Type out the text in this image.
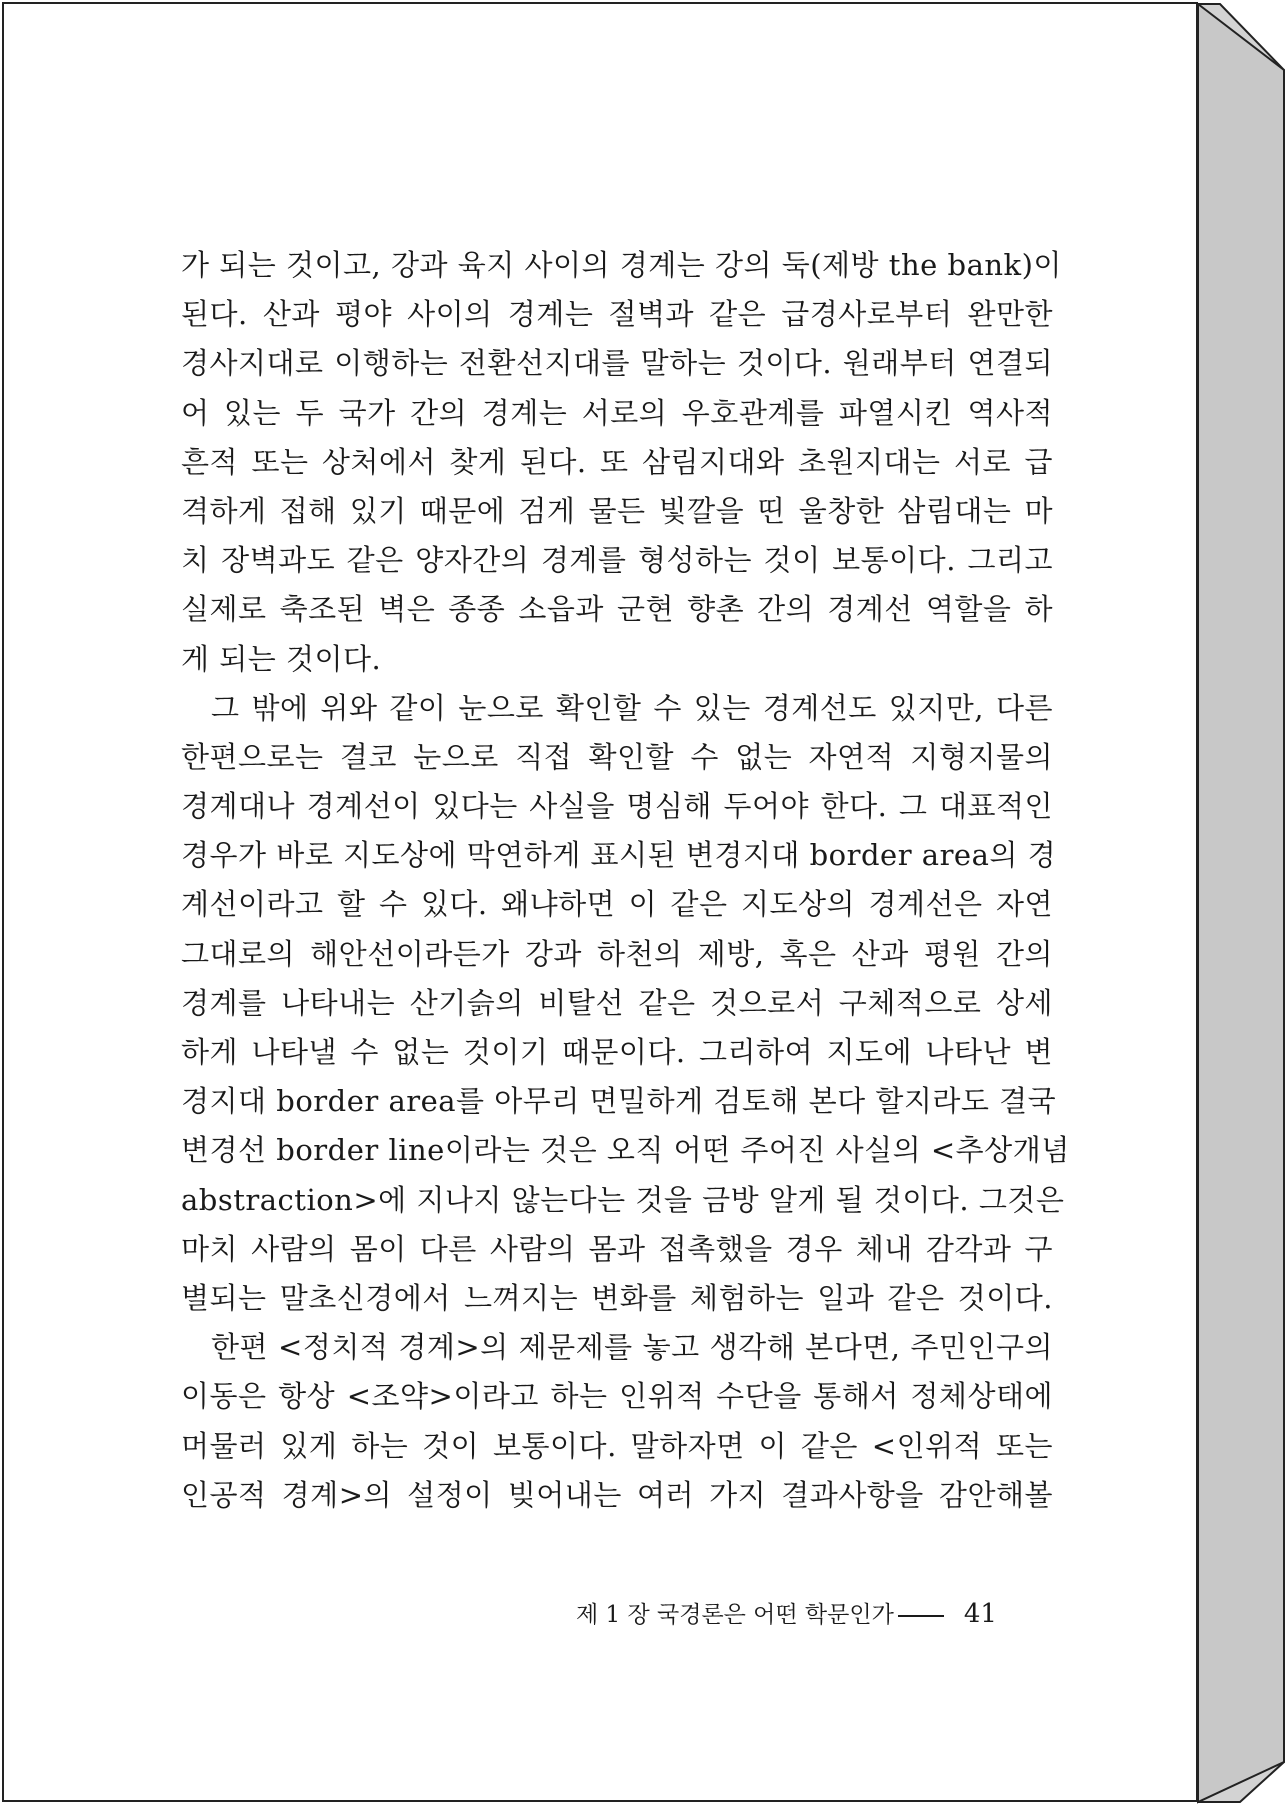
가 되는 것이고, 강과 육지 사이의 경계는 강의 둑(제방 the bank)이
된다. 산과 평야 사이의 경계는 절벽과 같은 급경사로부터 완만한
경사지대로 이행하는 전환선지대를 말하는 것이다. 원래부터 연결되
어 있는 두 국가 간의 경계는 서로의 우호관계를 파열시킨 역사적
흔적 또는 상처에서 찾게 된다. 또 삼림지대와 초원지대는 서로 급
격하게 접해 있기 때문에 검게 물든 빛깔을 띤 울창한 삼림대는 마
치 장벽과도 같은 양자간의 경계를 형성하는 것이 보통이다. 그리고
실제로 축조된 벽은 종종 소읍과 군현 향촌 간의 경계선 역할을 하
게 되는 것이다.
그 밖에 위와 같이 눈으로 확인할 수 있는 경계선도 있지만, 다른
한편으로는 결코 눈으로 직접 확인할 수 없는 자연적 지형지물의
경계대나 경계선이 있다는 사실을 명심해 두어야 한다. 그 대표적인
경우가 바로 지도상에 막연하게 표시된 변경지대 border area의 경
계선이라고 할 수 있다. 왜냐하면 이 같은 지도상의 경계선은 자연
그대로의 해안선이라든가 강과 하천의 제방, 혹은 산과 평원 간의
경계를 나타내는 산기슭의 비탈선 같은 것으로서 구체적으로 상세
하게 나타낼 수 없는 것이기 때문이다. 그리하여 지도에 나타난 변
경지대 border area를 아무리 면밀하게 검토해 본다 할지라도 결국
변경선 border line이라는 것은 오직 어떤 주어진 사실의 <추상개념
abstraction>에 지나지 않는다는 것을 금방 알게 될 것이다. 그것은
마치 사람의 몸이 다른 사람의 몸과 접촉했을 경우 체내 감각과 구
별되는 말초신경에서 느껴지는 변화를 체험하는 일과 같은 것이다.
한편 <정치적 경계>의 제문제를 놓고 생각해 본다면, 주민인구의
이동은 항상 <조약>이라고 하는 인위적 수단을 통해서 정체상태에
머물러 있게 하는 것이 보통이다. 말하자면 이 같은 <인위적 또는
인공적 경계>의 설정이 빚어내는 여러 가지 결과사항을 감안해볼
제 1 장 국경론은 어떤 학문인가	41
